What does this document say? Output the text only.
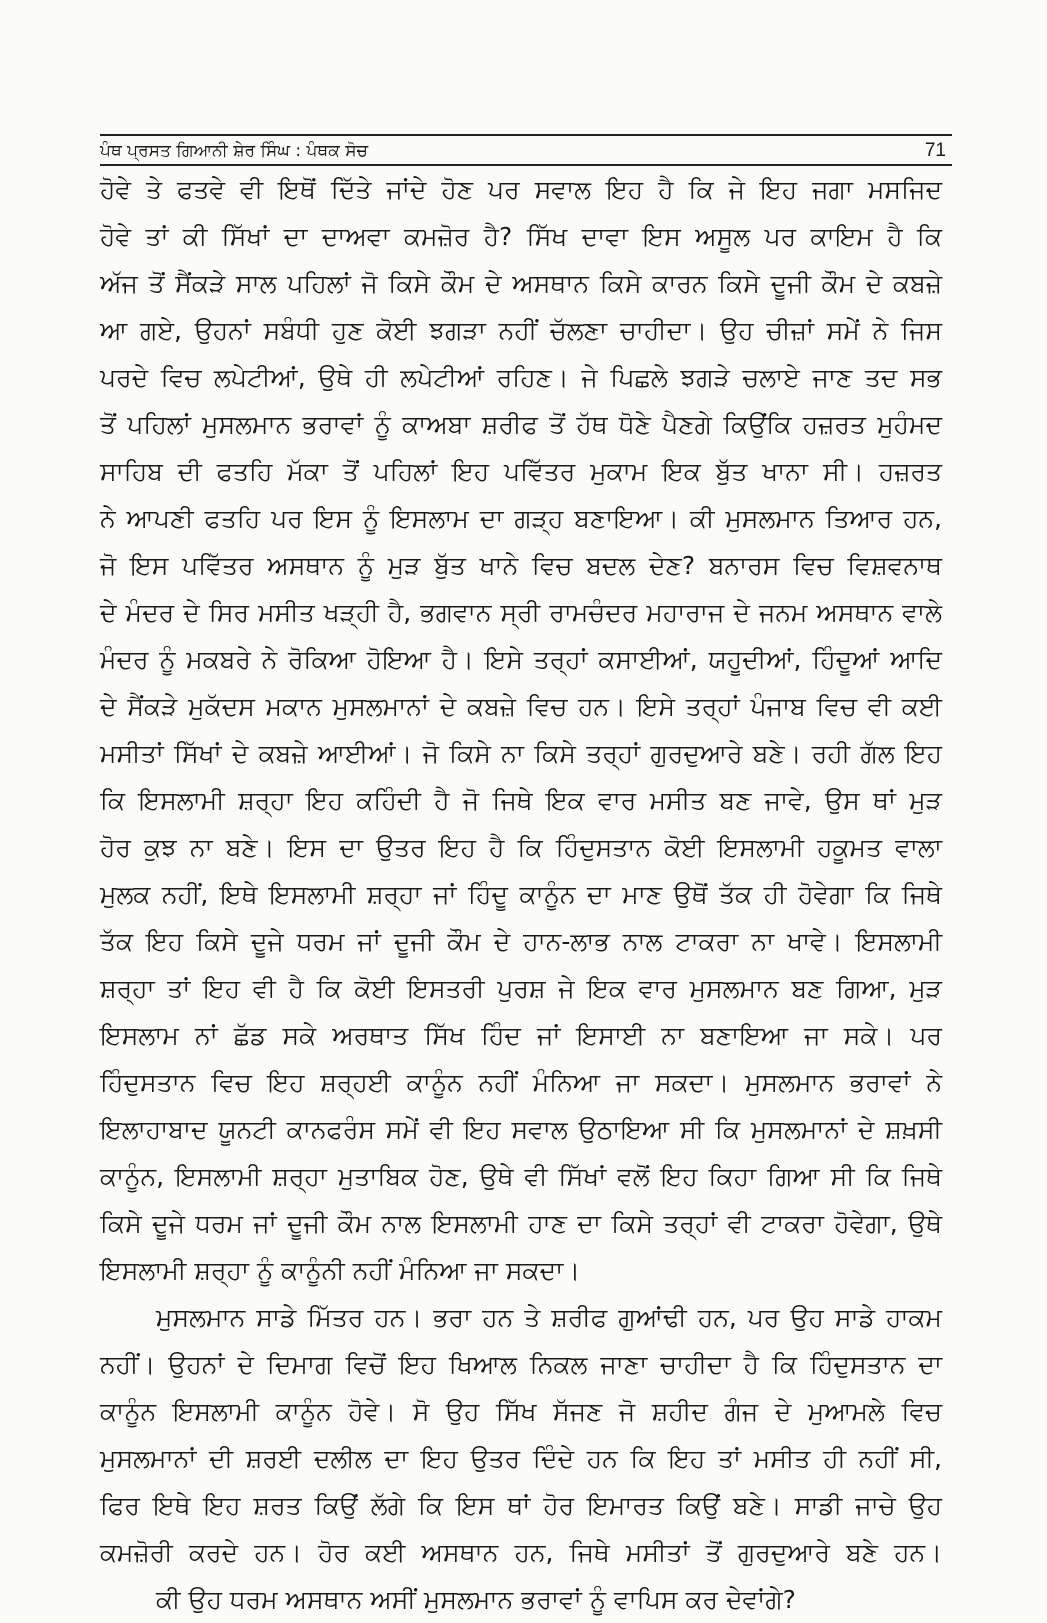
ਪੰਥ ਪ੍ਰਸਤ ਗਿਆਨੀ ਸ਼ੇਰ ਸਿੰਘ : ਪੰਥਕ ਸੋਚ	71
ਹੋਵੇ ਤੇ ਫਤਵੇ ਵੀ ਇਥੋਂ ਦਿੱਤੇ ਜਾਂਦੇ ਹੋਣ ਪਰ ਸਵਾਲ ਇਹ ਹੈ ਕਿ ਜੇ ਇਹ ਜਗਾ ਮਸਜਿਦ
ਹੋਵੇ ਤਾਂ ਕੀ ਸਿੱਖਾਂ ਦਾ ਦਾਅਵਾ ਕਮਜ਼ੋਰ ਹੈ? ਸਿੱਖ ਦਾਵਾ ਇਸ ਅਸੂਲ ਪਰ ਕਾਇਮ ਹੈ ਕਿ
ਅੱਜ ਤੋਂ ਸੈਂਕੜੇ ਸਾਲ ਪਹਿਲਾਂ ਜੋ ਕਿਸੇ ਕੌਮ ਦੇ ਅਸਥਾਨ ਕਿਸੇ ਕਾਰਨ ਕਿਸੇ ਦੂਜੀ ਕੌਮ ਦੇ ਕਬਜ਼ੇ
ਆ ਗਏ, ਉਹਨਾਂ ਸਬੰਧੀ ਹੁਣ ਕੋਈ ਝਗੜਾ ਨਹੀਂ ਚੱਲਣਾ ਚਾਹੀਦਾ। ਉਹ ਚੀਜ਼ਾਂ ਸਮੇਂ ਨੇ ਜਿਸ
ਪਰਦੇ ਵਿਚ ਲਪੇਟੀਆਂ, ਉਥੇ ਹੀ ਲਪੇਟੀਆਂ ਰਹਿਣ। ਜੇ ਪਿਛਲੇ ਝਗੜੇ ਚਲਾਏ ਜਾਣ ਤਦ ਸਭ
ਤੋਂ ਪਹਿਲਾਂ ਮੁਸਲਮਾਨ ਭਰਾਵਾਂ ਨੂੰ ਕਾਅਬਾ ਸ਼ਰੀਫ ਤੋਂ ਹੱਥ ਧੋਣੇ ਪੈਣਗੇ ਕਿਉਂਕਿ ਹਜ਼ਰਤ ਮੁਹੰਮਦ
ਸਾਹਿਬ ਦੀ ਫਤਹਿ ਮੱਕਾ ਤੋਂ ਪਹਿਲਾਂ ਇਹ ਪਵਿੱਤਰ ਮੁਕਾਮ ਇਕ ਬੁੱਤ ਖਾਨਾ ਸੀ। ਹਜ਼ਰਤ
ਨੇ ਆਪਣੀ ਫਤਹਿ ਪਰ ਇਸ ਨੂੰ ਇਸਲਾਮ ਦਾ ਗੜ੍ਹ ਬਣਾਇਆ। ਕੀ ਮੁਸਲਮਾਨ ਤਿਆਰ ਹਨ,
ਜੋ ਇਸ ਪਵਿੱਤਰ ਅਸਥਾਨ ਨੂੰ ਮੁੜ ਬੁੱਤ ਖਾਨੇ ਵਿਚ ਬਦਲ ਦੇਣ? ਬਨਾਰਸ ਵਿਚ ਵਿਸ਼ਵਨਾਥ
ਦੇ ਮੰਦਰ ਦੇ ਸਿਰ ਮਸੀਤ ਖੜ੍ਹੀ ਹੈ, ਭਗਵਾਨ ਸ੍ਰੀ ਰਾਮਚੰਦਰ ਮਹਾਰਾਜ ਦੇ ਜਨਮ ਅਸਥਾਨ ਵਾਲੇ
ਮੰਦਰ ਨੂੰ ਮਕਬਰੇ ਨੇ ਰੋਕਿਆ ਹੋਇਆ ਹੈ। ਇਸੇ ਤਰ੍ਹਾਂ ਕਸਾਈਆਂ, ਯਹੂਦੀਆਂ, ਹਿੰਦੂਆਂ ਆਦਿ
ਦੇ ਸੈਂਕੜੇ ਮੁਕੱਦਸ ਮਕਾਨ ਮੁਸਲਮਾਨਾਂ ਦੇ ਕਬਜ਼ੇ ਵਿਚ ਹਨ। ਇਸੇ ਤਰ੍ਹਾਂ ਪੰਜਾਬ ਵਿਚ ਵੀ ਕਈ
ਮਸੀਤਾਂ ਸਿੱਖਾਂ ਦੇ ਕਬਜ਼ੇ ਆਈਆਂ। ਜੋ ਕਿਸੇ ਨਾ ਕਿਸੇ ਤਰ੍ਹਾਂ ਗੁਰਦੁਆਰੇ ਬਣੇ। ਰਹੀ ਗੱਲ ਇਹ
ਕਿ ਇਸਲਾਮੀ ਸ਼ਰ੍ਹਾ ਇਹ ਕਹਿੰਦੀ ਹੈ ਜੋ ਜਿਥੇ ਇਕ ਵਾਰ ਮਸੀਤ ਬਣ ਜਾਵੇ, ਉਸ ਥਾਂ ਮੁੜ
ਹੋਰ ਕੁਝ ਨਾ ਬਣੇ। ਇਸ ਦਾ ਉਤਰ ਇਹ ਹੈ ਕਿ ਹਿੰਦੁਸਤਾਨ ਕੋਈ ਇਸਲਾਮੀ ਹਕੂਮਤ ਵਾਲਾ
ਮੁਲਕ ਨਹੀਂ, ਇਥੇ ਇਸਲਾਮੀ ਸ਼ਰ੍ਹਾ ਜਾਂ ਹਿੰਦੂ ਕਾਨੂੰਨ ਦਾ ਮਾਣ ਉਥੋਂ ਤੱਕ ਹੀ ਹੋਵੇਗਾ ਕਿ ਜਿਥੇ
ਤੱਕ ਇਹ ਕਿਸੇ ਦੂਜੇ ਧਰਮ ਜਾਂ ਦੂਜੀ ਕੌਮ ਦੇ ਹਾਨ-ਲਾਭ ਨਾਲ ਟਾਕਰਾ ਨਾ ਖਾਵੇ। ਇਸਲਾਮੀ
ਸ਼ਰ੍ਹਾ ਤਾਂ ਇਹ ਵੀ ਹੈ ਕਿ ਕੋਈ ਇਸਤਰੀ ਪੁਰਸ਼ ਜੇ ਇਕ ਵਾਰ ਮੁਸਲਮਾਨ ਬਣ ਗਿਆ, ਮੁੜ
ਇਸਲਾਮ ਨਾਂ ਛੱਡ ਸਕੇ ਅਰਥਾਤ ਸਿੱਖ ਹਿੰਦ ਜਾਂ ਇਸਾਈ ਨਾ ਬਣਾਇਆ ਜਾ ਸਕੇ। ਪਰ
ਹਿੰਦੁਸਤਾਨ ਵਿਚ ਇਹ ਸ਼ਰ੍ਹਈ ਕਾਨੂੰਨ ਨਹੀਂ ਮੰਨਿਆ ਜਾ ਸਕਦਾ। ਮੁਸਲਮਾਨ ਭਰਾਵਾਂ ਨੇ
ਇਲਾਹਾਬਾਦ ਯੂਨਟੀ ਕਾਨਫਰੰਸ ਸਮੇਂ ਵੀ ਇਹ ਸਵਾਲ ਉਠਾਇਆ ਸੀ ਕਿ ਮੁਸਲਮਾਨਾਂ ਦੇ ਸ਼ਖ਼ਸੀ
ਕਾਨੂੰਨ, ਇਸਲਾਮੀ ਸ਼ਰ੍ਹਾ ਮੁਤਾਬਿਕ ਹੋਣ, ਉਥੇ ਵੀ ਸਿੱਖਾਂ ਵਲੋਂ ਇਹ ਕਿਹਾ ਗਿਆ ਸੀ ਕਿ ਜਿਥੇ
ਕਿਸੇ ਦੂਜੇ ਧਰਮ ਜਾਂ ਦੂਜੀ ਕੌਮ ਨਾਲ ਇਸਲਾਮੀ ਹਾਣ ਦਾ ਕਿਸੇ ਤਰ੍ਹਾਂ ਵੀ ਟਾਕਰਾ ਹੋਵੇਗਾ, ਉਥੇ
ਇਸਲਾਮੀ ਸ਼ਰ੍ਹਾ ਨੂੰ ਕਾਨੂੰਨੀ ਨਹੀਂ ਮੰਨਿਆ ਜਾ ਸਕਦਾ।
ਮੁਸਲਮਾਨ ਸਾਡੇ ਮਿੱਤਰ ਹਨ। ਭਰਾ ਹਨ ਤੇ ਸ਼ਰੀਫ ਗੁਆਂਢੀ ਹਨ, ਪਰ ਉਹ ਸਾਡੇ ਹਾਕਮ
ਨਹੀਂ। ਉਹਨਾਂ ਦੇ ਦਿਮਾਗ ਵਿਚੋਂ ਇਹ ਖਿਆਲ ਨਿਕਲ ਜਾਣਾ ਚਾਹੀਦਾ ਹੈ ਕਿ ਹਿੰਦੁਸਤਾਨ ਦਾ
ਕਾਨੂੰਨ ਇਸਲਾਮੀ ਕਾਨੂੰਨ ਹੋਵੇ। ਸੋ ਉਹ ਸਿੱਖ ਸੱਜਣ ਜੋ ਸ਼ਹੀਦ ਗੰਜ ਦੇ ਮੁਆਮਲੇ ਵਿਚ
ਮੁਸਲਮਾਨਾਂ ਦੀ ਸ਼ਰਈ ਦਲੀਲ ਦਾ ਇਹ ਉਤਰ ਦਿੰਦੇ ਹਨ ਕਿ ਇਹ ਤਾਂ ਮਸੀਤ ਹੀ ਨਹੀਂ ਸੀ,
ਫਿਰ ਇਥੇ ਇਹ ਸ਼ਰਤ ਕਿਉਂ ਲੱਗੇ ਕਿ ਇਸ ਥਾਂ ਹੋਰ ਇਮਾਰਤ ਕਿਉਂ ਬਣੇ। ਸਾਡੀ ਜਾਚੇ ਉਹ
ਕਮਜ਼ੋਰੀ ਕਰਦੇ ਹਨ। ਹੋਰ ਕਈ ਅਸਥਾਨ ਹਨ, ਜਿਥੇ ਮਸੀਤਾਂ ਤੋਂ ਗੁਰਦੁਆਰੇ ਬਣੇ ਹਨ।
ਕੀ ਉਹ ਧਰਮ ਅਸਥਾਨ ਅਸੀਂ ਮੁਸਲਮਾਨ ਭਰਾਵਾਂ ਨੂੰ ਵਾਪਿਸ ਕਰ ਦੇਵਾਂਗੇ?
